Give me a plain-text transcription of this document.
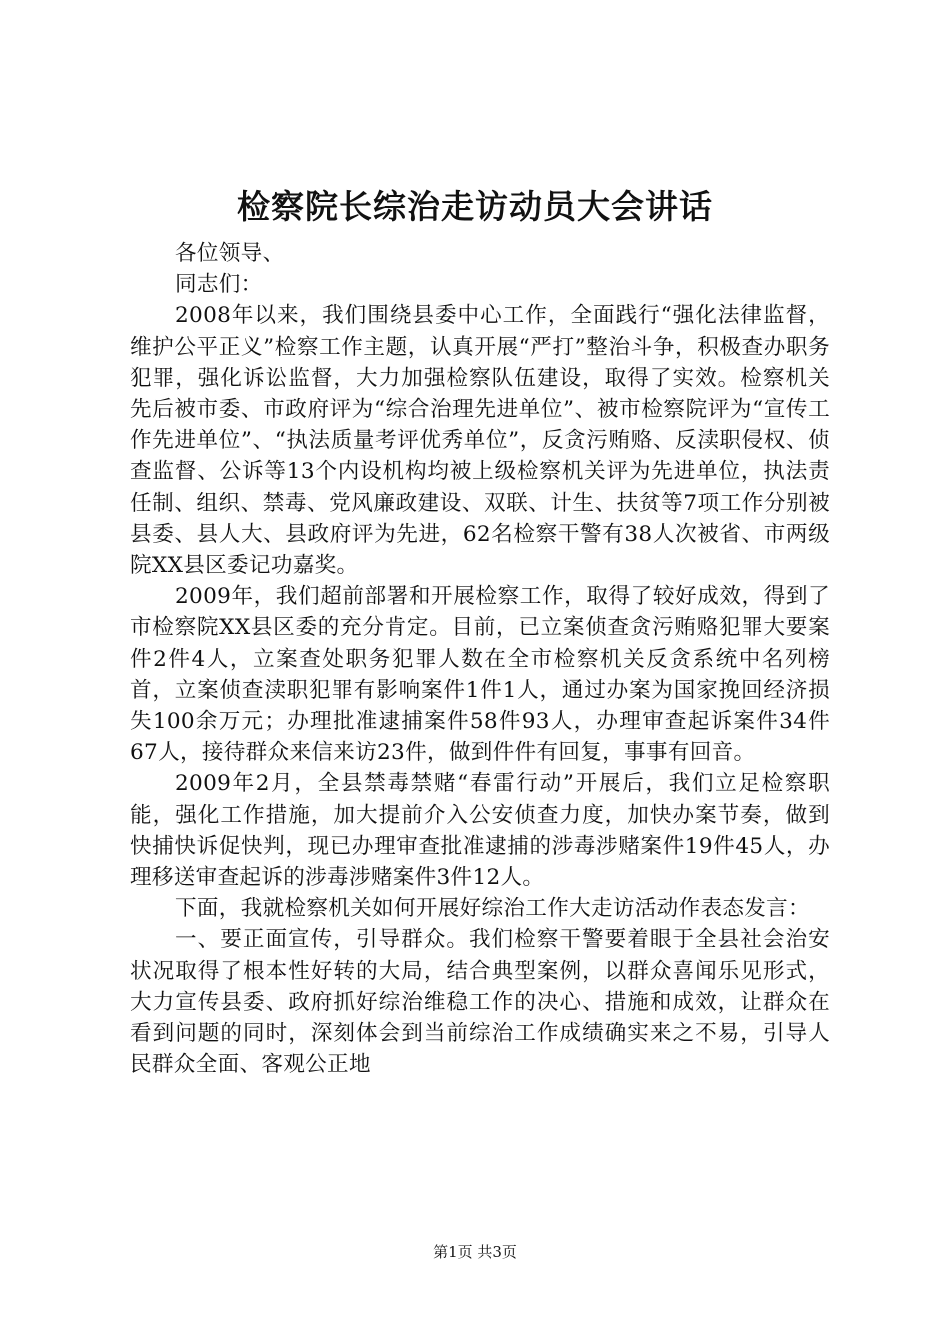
检察院长综治走访动员大会讲话

各位领导、

同志们：

2008年以来，我们围绕县委中心工作，全面践行“强化法律监督，维护公平正义”检察工作主题，认真开展“严打”整治斗争，积极查办职务犯罪，强化诉讼监督，大力加强检察队伍建设，取得了实效。检察机关先后被市委、市政府评为“综合治理先进单位”、被市检察院评为“宣传工作先进单位”、“执法质量考评优秀单位”，反贪污贿赂、反渎职侵权、侦查监督、公诉等13个内设机构均被上级检察机关评为先进单位，执法责任制、组织、禁毒、党风廉政建设、双联、计生、扶贫等7项工作分别被县委、县人大、县政府评为先进，62名检察干警有38人次被省、市两级院XX县区委记功嘉奖。

2009年，我们超前部署和开展检察工作，取得了较好成效，得到了市检察院XX县区委的充分肯定。目前，已立案侦查贪污贿赂犯罪大要案件2件4人，立案查处职务犯罪人数在全市检察机关反贪系统中名列榜首，立案侦查渎职犯罪有影响案件1件1人，通过办案为国家挽回经济损失100余万元；办理批准逮捕案件58件93人，办理审查起诉案件34件67人，接待群众来信来访23件，做到件件有回复，事事有回音。

2009年2月，全县禁毒禁赌“春雷行动”开展后，我们立足检察职能，强化工作措施，加大提前介入公安侦查力度，加快办案节奏，做到快捕快诉促快判，现已办理审查批准逮捕的涉毒涉赌案件19件45人，办理移送审查起诉的涉毒涉赌案件3件12人。

下面，我就检察机关如何开展好综治工作大走访活动作表态发言：

一、要正面宣传，引导群众。我们检察干警要着眼于全县社会治安状况取得了根本性好转的大局，结合典型案例，以群众喜闻乐见形式，大力宣传县委、政府抓好综治维稳工作的决心、措施和成效，让群众在看到问题的同时，深刻体会到当前综治工作成绩确实来之不易，引导人民群众全面、客观公正地

第1页 共3页
